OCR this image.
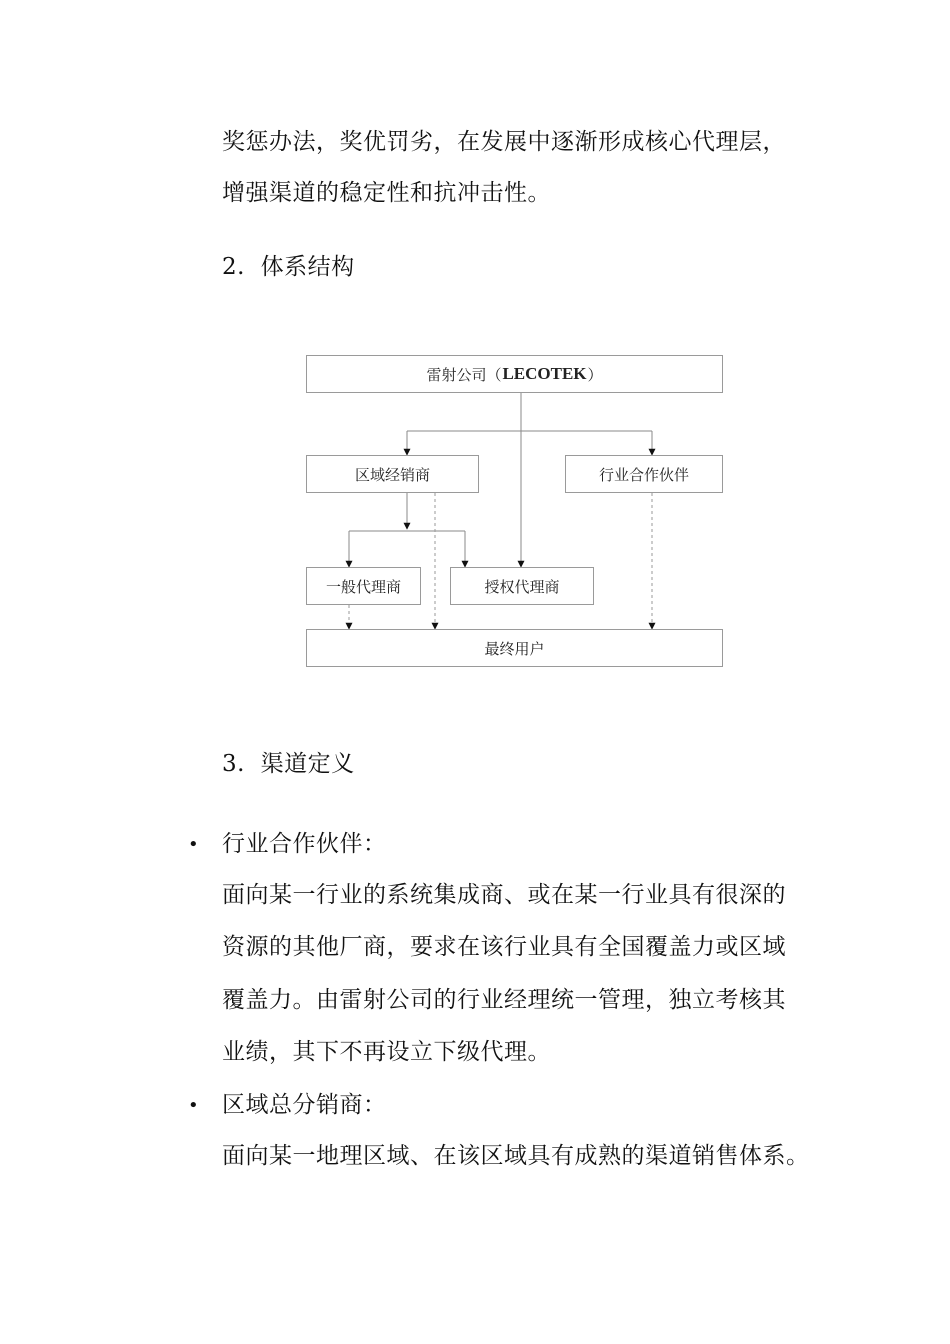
奖惩办法，奖优罚劣，在发展中逐渐形成核心代理层，
增强渠道的稳定性和抗冲击性。
2.  体系结构
雷射公司（ LECOTEK ）
区域经销商	行业合作伙伴
一般代理商	授权代理商
最终用户
3.  渠道定义
• 行业合作伙伴：
面向某一行业的系统集成商、或在某一行业具有很深的
资源的其他厂商，要求在该行业具有全国覆盖力或区域
覆盖力。由雷射公司的行业经理统一管理，独立考核其
业绩，其下不再设立下级代理。
• 区域总分销商：
面向某一地理区域、在该区域具有成熟的渠道销售体系。
